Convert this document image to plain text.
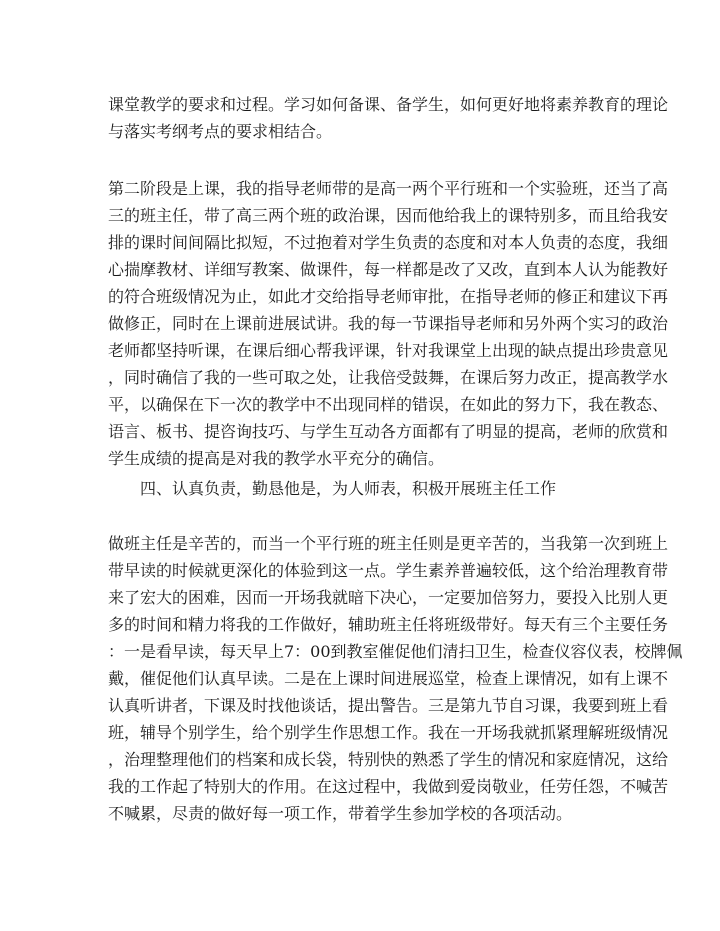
课堂教学的要求和过程。学习如何备课、备学生，如何更好地将素养教育的理论
与落实考纲考点的要求相结合。
第二阶段是上课，我的指导老师带的是高一两个平行班和一个实验班，还当了高
三的班主任，带了高三两个班的政治课，因而他给我上的课特别多，而且给我安
排的课时间间隔比拟短，不过抱着对学生负责的态度和对本人负责的态度，我细
心揣摩教材、详细写教案、做课件，每一样都是改了又改，直到本人认为能教好
的符合班级情况为止，如此才交给指导老师审批，在指导老师的修正和建议下再
做修正，同时在上课前进展试讲。我的每一节课指导老师和另外两个实习的政治
老师都坚持听课，在课后细心帮我评课，针对我课堂上出现的缺点提出珍贵意见
，同时确信了我的一些可取之处，让我倍受鼓舞，在课后努力改正，提高教学水
平，以确保在下一次的教学中不出现同样的错误，在如此的努力下，我在教态、
语言、板书、提咨询技巧、与学生互动各方面都有了明显的提高，老师的欣赏和
学生成绩的提高是对我的教学水平充分的确信。
四、认真负责，勤恳他是，为人师表，积极开展班主任工作
做班主任是辛苦的，而当一个平行班的班主任则是更辛苦的，当我第一次到班上
带早读的时候就更深化的体验到这一点。学生素养普遍较低，这个给治理教育带
来了宏大的困难，因而一开场我就暗下决心，一定要加倍努力，要投入比别人更
多的时间和精力将我的工作做好，辅助班主任将班级带好。每天有三个主要任务
：一是看早读，每天早上7：00到教室催促他们清扫卫生，检查仪容仪表，校牌佩
戴，催促他们认真早读。二是在上课时间进展巡堂，检查上课情况，如有上课不
认真听讲者，下课及时找他谈话，提出警告。三是第九节自习课，我要到班上看
班，辅导个别学生，给个别学生作思想工作。我在一开场我就抓紧理解班级情况
，治理整理他们的档案和成长袋，特别快的熟悉了学生的情况和家庭情况，这给
我的工作起了特别大的作用。在这过程中，我做到爱岗敬业，任劳任怨，不喊苦
不喊累，尽责的做好每一项工作，带着学生参加学校的各项活动。
